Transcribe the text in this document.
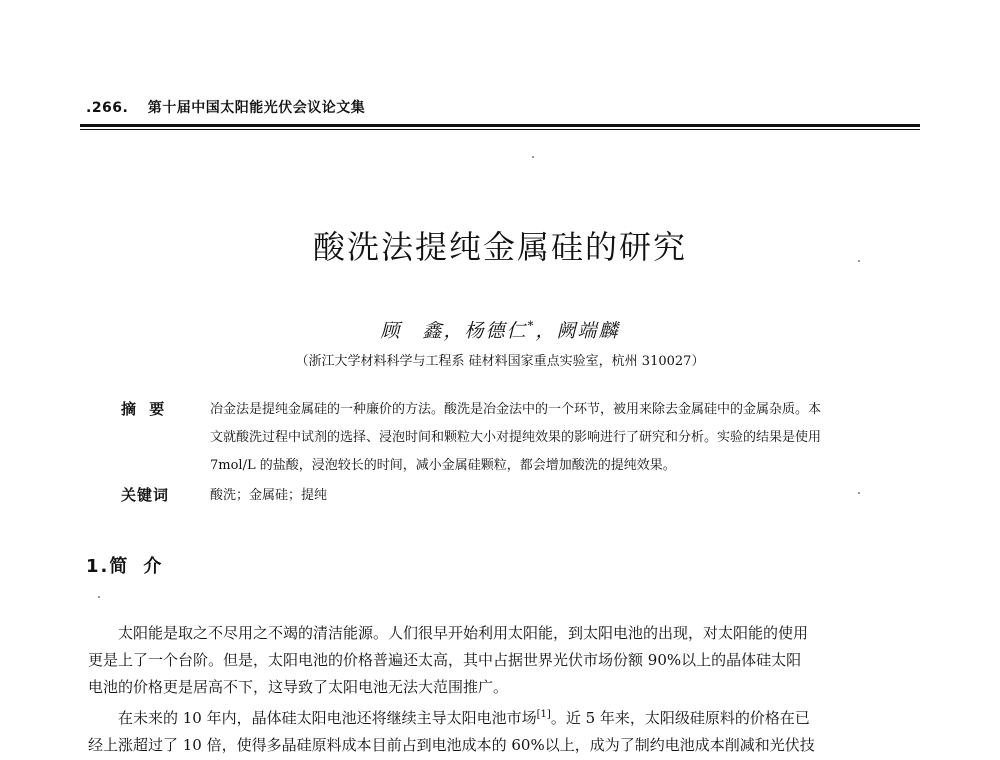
.266. 第十届中国太阳能光伏会议论文集
酸洗法提纯金属硅的研究
顾　鑫，杨德仁*，阙端麟
（浙江大学材料科学与工程系 硅材料国家重点实验室，杭州 310027）
摘 要	冶金法是提纯金属硅的一种廉价的方法。酸洗是冶金法中的一个环节，被用来除去金属硅中的金属杂质。本
文就酸洗过程中试剂的选择、浸泡时间和颗粒大小对提纯效果的影响进行了研究和分析。实验的结果是使用
7mol/L 的盐酸，浸泡较长的时间，减小金属硅颗粒，都会增加酸洗的提纯效果。
关键词	酸洗；金属硅；提纯
1.简 介
太阳能是取之不尽用之不竭的清洁能源。人们很早开始利用太阳能，到太阳电池的出现，对太阳能的使用
更是上了一个台阶。但是，太阳电池的价格普遍还太高，其中占据世界光伏市场份额 90%以上的晶体硅太阳
电池的价格更是居高不下，这导致了太阳电池无法大范围推广。
在未来的 10 年内，晶体硅太阳电池还将继续主导太阳电池市场[1]。近 5 年来，太阳级硅原料的价格在已
经上涨超过了 10 倍，使得多晶硅原料成本目前占到电池成本的 60%以上，成为了制约电池成本削减和光伏技
